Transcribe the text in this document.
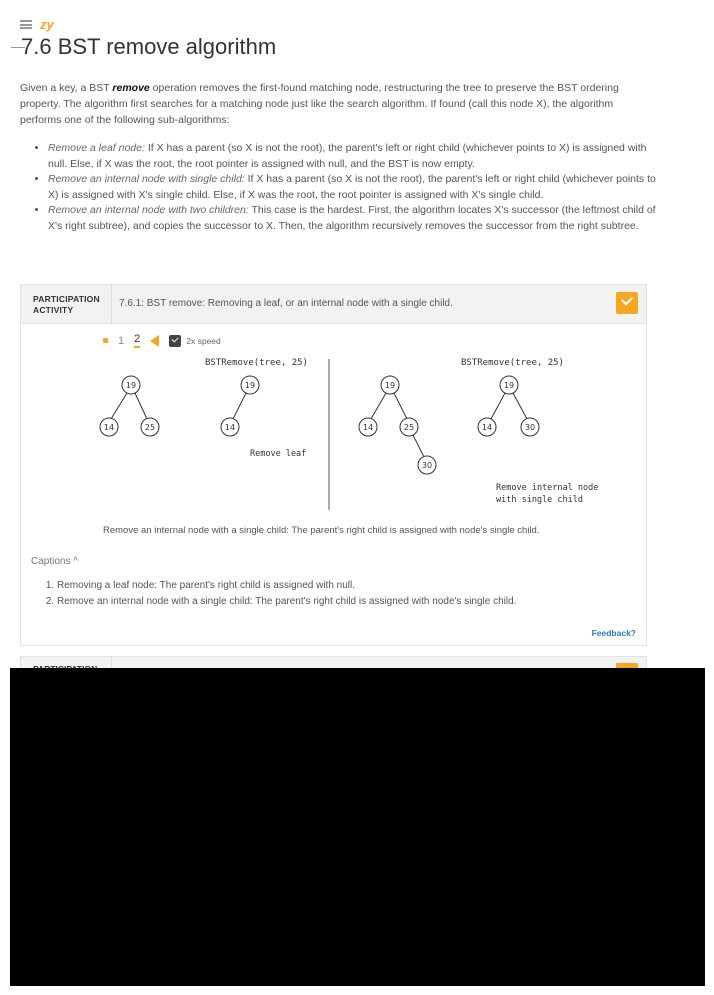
zy
7.6 BST remove algorithm

Given a key, a BST remove operation removes the first-found matching node, restructuring the tree to preserve the BST ordering property. The algorithm first searches for a matching node just like the search algorithm. If found (call this node X), the algorithm performs one of the following sub-algorithms:

• Remove a leaf node: If X has a parent (so X is not the root), the parent's left or right child (whichever points to X) is assigned with null. Else, if X was the root, the root pointer is assigned with null, and the BST is now empty.
• Remove an internal node with single child: If X has a parent (so X is not the root), the parent's left or right child (whichever points to X) is assigned with X's single child. Else, if X was the root, the root pointer is assigned with X's single child.
• Remove an internal node with two children: This case is the hardest. First, the algorithm locates X's successor (the leftmost child of X's right subtree), and copies the successor to X. Then, the algorithm recursively removes the successor from the right subtree.
PARTICIPATION
ACTIVITY
7.6.1: BST remove: Removing a leaf, or an internal node with a single child.
1 2	2x speed
BSTRemove(tree, 25)	BSTRemove(tree, 25)
19
14	25
19
14
19
14	25
30
19
14	30
Remove leaf
Remove internal node
with single child
Remove an internal node with a single child: The parent's right child is assigned with node's single child.
Captions ^
1. Removing a leaf node: The parent's right child is assigned with null.
2. Remove an internal node with a single child: The parent's right child is assigned with node's single child.
Feedback?
